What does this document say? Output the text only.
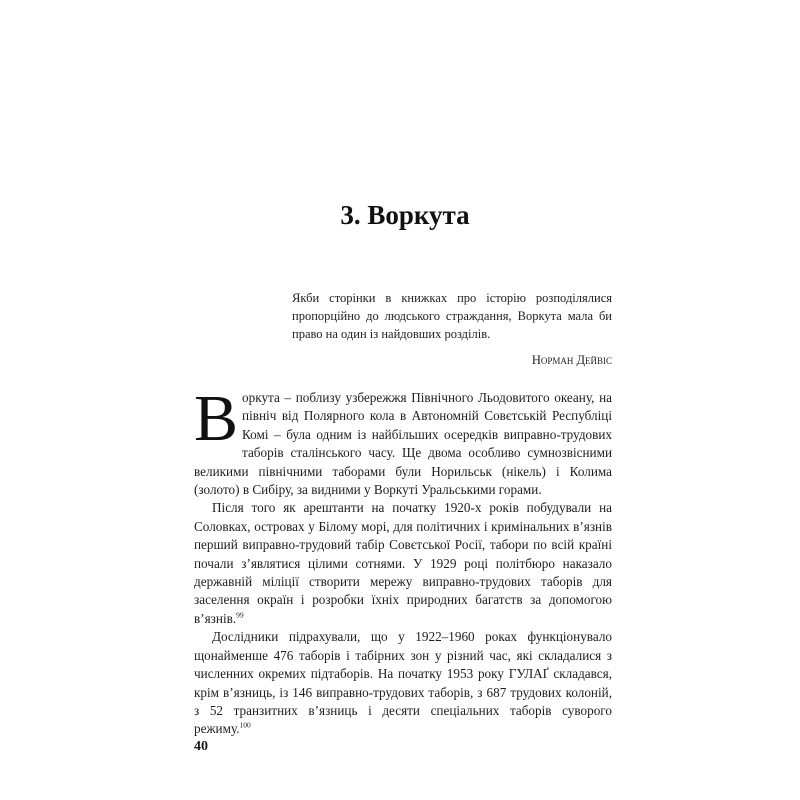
3. Воркута

Якби сторінки в книжках про історію розподілялися пропорційно до людського страждання, Воркута мала би право на один із найдовших розділів.

Норман Дейвіс

Воркута – поблизу узбережжя Північного Льодовитого океану, на північ від Полярного кола в Автономній Совєтській Республіці Комі – була одним із найбільших осередків виправно-трудових таборів сталінського часу. Ще двома особливо сумнозвісними великими північними таборами були Норильськ (нікель) і Колима (золото) в Сибіру, за видними у Воркуті Уральськими горами.

Після того як арештанти на початку 1920-х років побудували на Соловках, островах у Білому морі, для політичних і кримінальних в’язнів перший виправно-трудовий табір Совєтської Росії, табори по всій країні почали з’являтися цілими сотнями. У 1929 році політбюро наказало державній міліції створити мережу виправно-трудових таборів для заселення окраїн і розробки їхніх природних багатств за допомогою в’язнів.$^{99}$

Дослідники підрахували, що у 1922–1960 роках функціонувало щонайменше 476 таборів і табірних зон у різний час, які складалися з численних окремих підтаборів. На початку 1953 року ГУЛАҐ складався, крім в’язниць, із 146 виправно-трудових таборів, з 687 трудових колоній, з 52 транзитних в’язниць і десяти спеціальних таборів суворого режиму.$^{100}$

40
